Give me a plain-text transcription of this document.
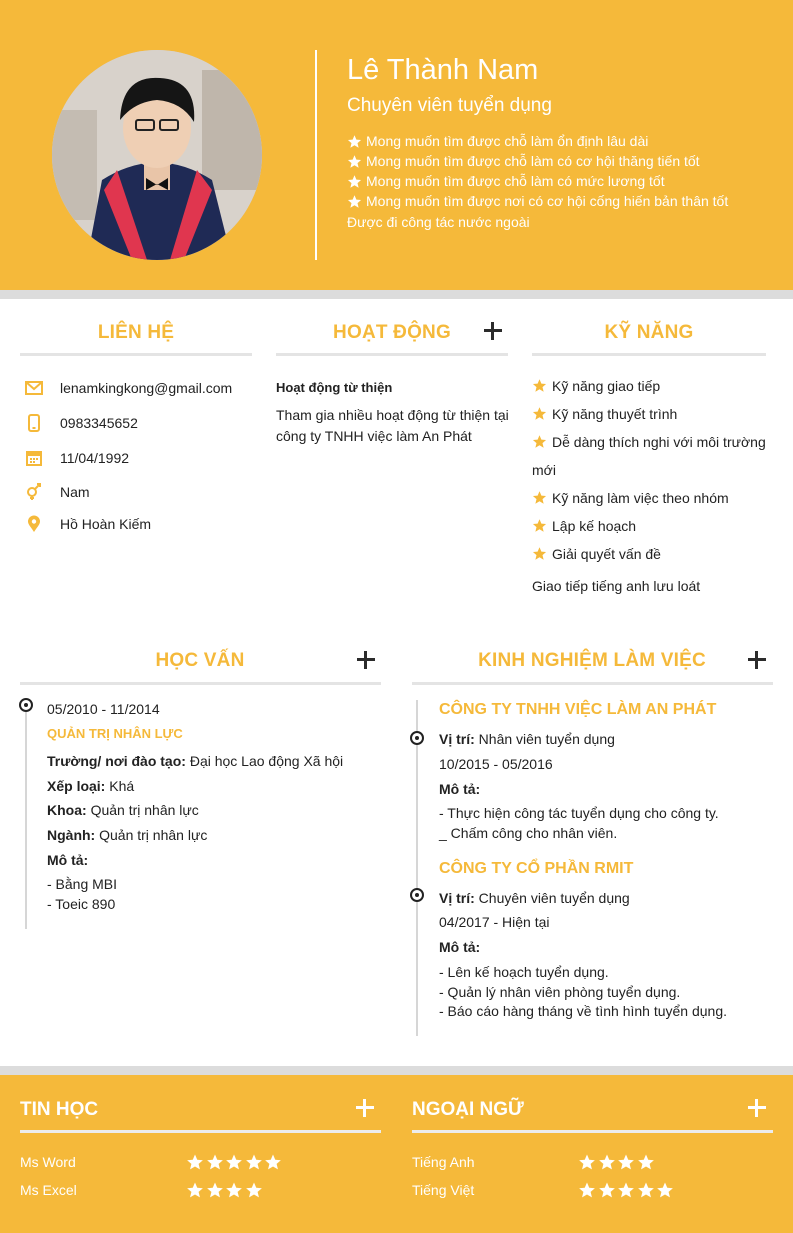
Lê Thành Nam
Chuyên viên tuyển dụng
Mong muốn tìm được chỗ làm ổn định lâu dài
Mong muốn tìm được chỗ làm có cơ hội thăng tiến tốt
Mong muốn tìm được chỗ làm có mức lương tốt
Mong muốn tìm được nơi có cơ hội cống hiến bản thân tốt
Được đi công tác nước ngoài
LIÊN HỆ
lenamkingkong@gmail.com
0983345652
11/04/1992
Nam
Hồ Hoàn Kiếm
HOẠT ĐỘNG
Hoạt động từ thiện
Tham gia nhiều hoạt động từ thiện tại công ty TNHH việc làm An Phát
KỸ NĂNG
Kỹ năng giao tiếp
Kỹ năng thuyết trình
Dễ dàng thích nghi với môi trường
mới
Kỹ năng làm việc theo nhóm
Lập kế hoạch
Giải quyết vấn đề
Giao tiếp tiếng anh lưu loát
HỌC VẤN
05/2010 - 11/2014
QUẢN TRỊ NHÂN LỰC
Trường/ nơi đào tạo: Đại học Lao động Xã hội
Xếp loại: Khá
Khoa: Quản trị nhân lực
Ngành: Quản trị nhân lực
Mô tả:
- Bằng MBI
- Toeic 890
KINH NGHIỆM LÀM VIỆC
CÔNG TY TNHH VIỆC LÀM AN PHÁT
Vị trí: Nhân viên tuyển dụng
10/2015 - 05/2016
Mô tả:
- Thực hiện công tác tuyển dụng cho công ty.
_ Chấm công cho nhân viên.
CÔNG TY CỔ PHẦN RMIT
Vị trí: Chuyên viên tuyển dụng
04/2017 - Hiện tại
Mô tả:
- Lên kế hoạch tuyển dụng.
- Quản lý nhân viên phòng tuyển dụng.
- Báo cáo hàng tháng về tình hình tuyển dụng.
TIN HỌC
Ms Word
Ms Excel
NGOẠI NGỮ
Tiếng Anh
Tiếng Việt
